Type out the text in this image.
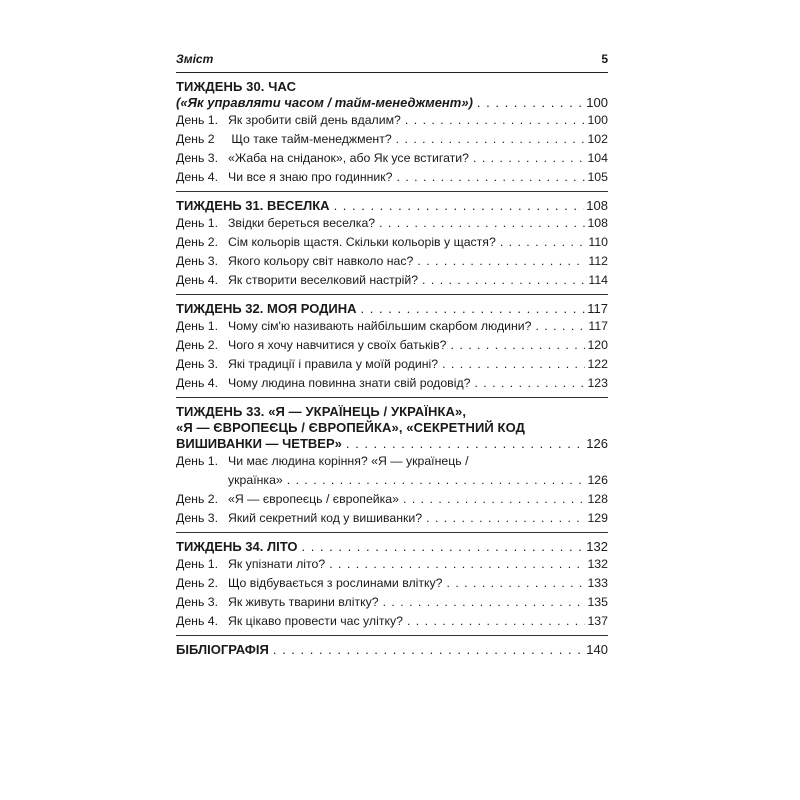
Зміст	5
ТИЖДЕНЬ 30. ЧАС
(«Як управляти часом / тайм-менеджмент») . . .	100
День 1. Як зробити свій день вдалим? . . .	100
День 2	Що таке тайм-менеджмент? . . .	102
День 3. «Жаба на сніданок», або Як усе встигати? . . .	104
День 4. Чи все я знаю про годинник? . . .	105
ТИЖДЕНЬ 31. ВЕСЕЛКА . . .	108
День 1. Звідки береться веселка? . . .	108
День 2. Сім кольорів щастя. Скільки кольорів у щастя? . . .	110
День 3. Якого кольору світ навколо нас? . . .	112
День 4. Як створити веселковий настрій? . . .	114
ТИЖДЕНЬ 32. МОЯ РОДИНА . . .	117
День 1. Чому сім'ю називають найбільшим скарбом людини? . . .	117
День 2. Чого я хочу навчитися у своїх батьків? . . .	120
День 3. Які традиції і правила у моїй родині? . . .	122
День 4. Чому людина повинна знати свій родовід? . . .	123
ТИЖДЕНЬ 33. «Я — УКРАЇНЕЦЬ / УКРАЇНКА»,
«Я — ЄВРОПЕЄЦЬ / ЄВРОПЕЙКА», «СЕКРЕТНИЙ КОД
ВИШИВАНКИ — ЧЕТВЕР» . . .	126
День 1. Чи має людина коріння? «Я — українець /
українка» . . .	126
День 2. «Я — європеєць / європейка» . . .	128
День 3. Який секретний код у вишиванки? . . .	129
ТИЖДЕНЬ 34. ЛІТО . . .	132
День 1. Як упізнати літо? . . .	132
День 2. Що відбувається з рослинами влітку? . . .	133
День 3. Як живуть тварини влітку? . . .	135
День 4. Як цікаво провести час улітку? . . .	137
БІБЛІОГРАФІЯ . . .	140
